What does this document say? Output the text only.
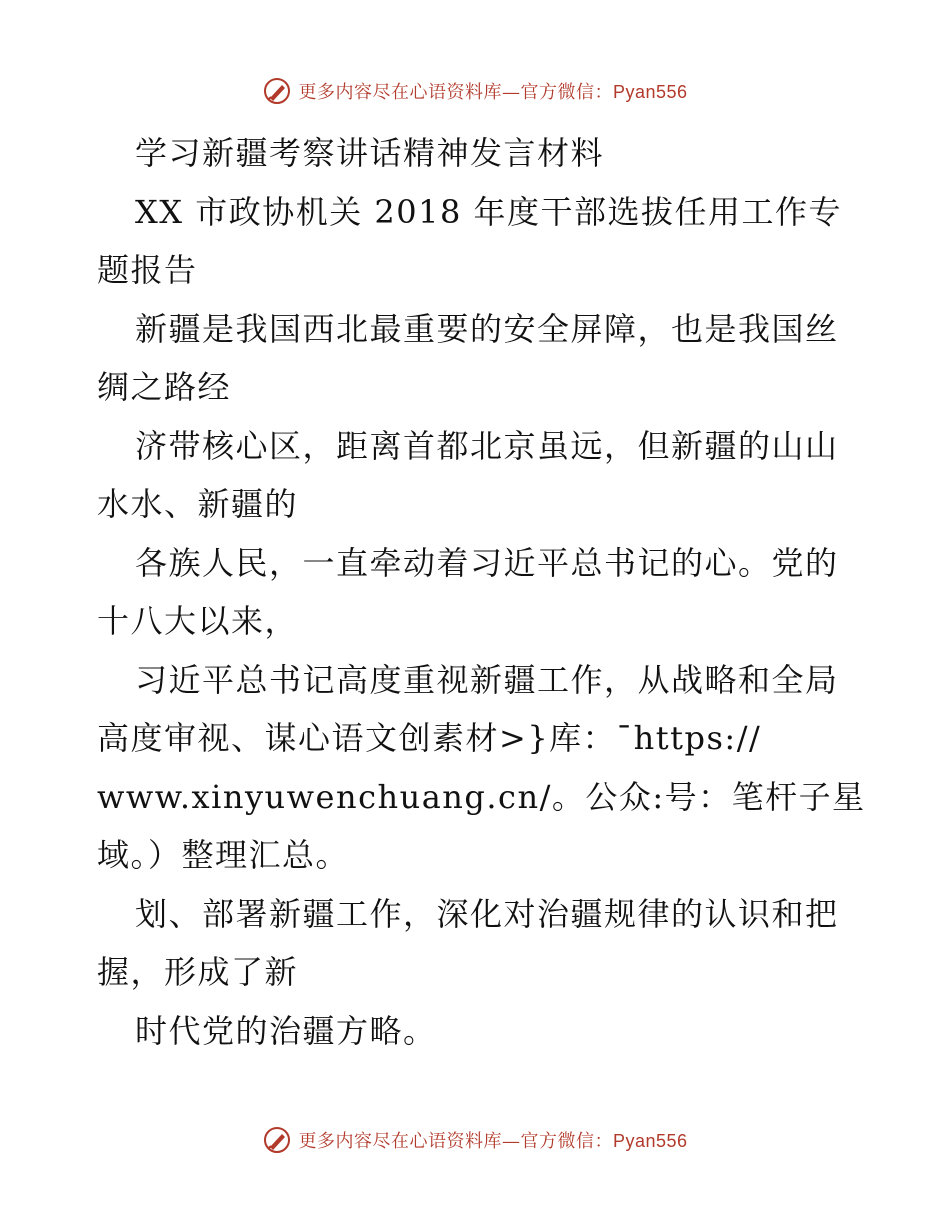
更多内容尽在心语资料库—官方微信：Pyan556
学习新疆考察讲话精神发言材料
XX 市政协机关 2018 年度干部选拔任用工作专
题报告
新疆是我国西北最重要的安全屏障，也是我国丝
绸之路经
济带核心区，距离首都北京虽远，但新疆的山山
水水、新疆的
各族人民，一直牵动着习近平总书记的心。党的
十八大以来，
习近平总书记高度重视新疆工作，从战略和全局
高度审视、谋心语文创素材>}库：¯https://
www.xinyuwenchuang.cn/。公众:号：笔杆子星
域。）整理汇总。
划、部署新疆工作，深化对治疆规律的认识和把
握，形成了新
时代党的治疆方略。
更多内容尽在心语资料库—官方微信：Pyan556
